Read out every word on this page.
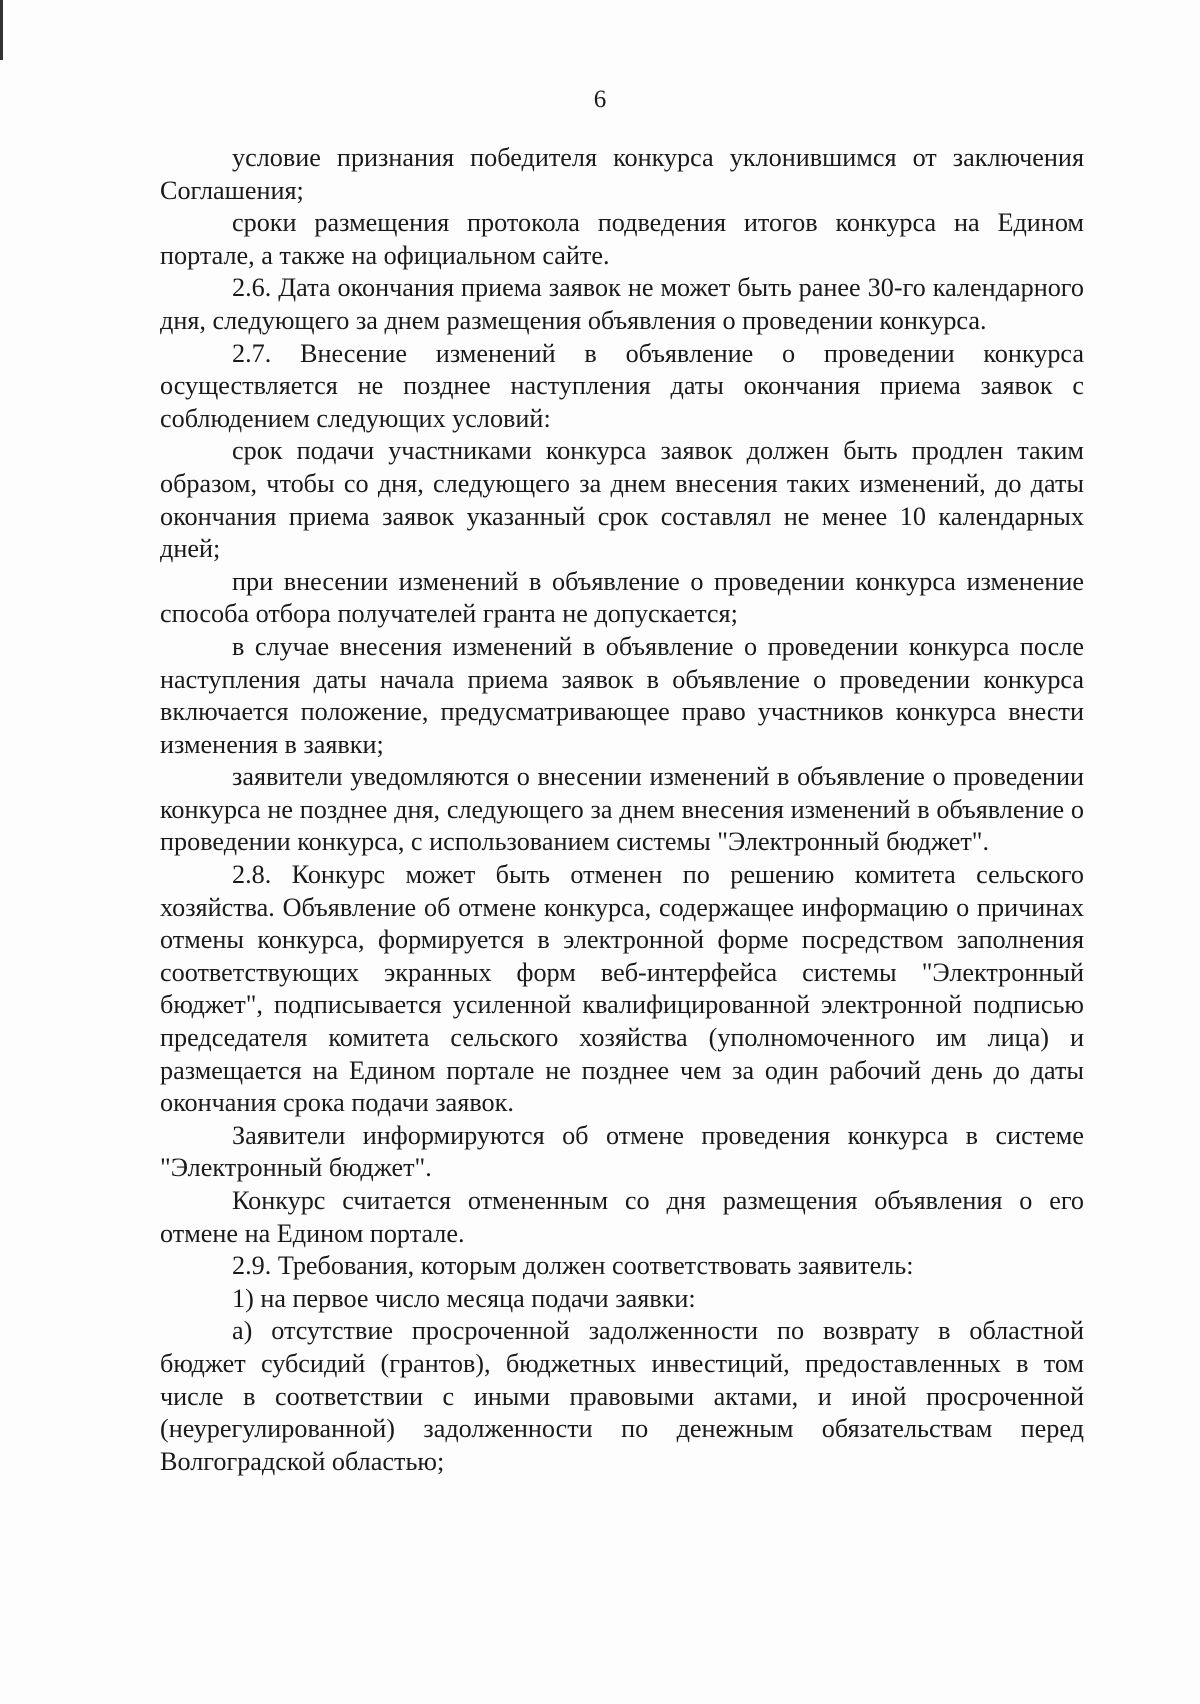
6

условие признания победителя конкурса уклонившимся от заключения Соглашения;

сроки размещения протокола подведения итогов конкурса на Едином портале, а также на официальном сайте.

2.6. Дата окончания приема заявок не может быть ранее 30-го календарного дня, следующего за днем размещения объявления о проведении конкурса.

2.7. Внесение изменений в объявление о проведении конкурса осуществляется не позднее наступления даты окончания приема заявок с соблюдением следующих условий:

срок подачи участниками конкурса заявок должен быть продлен таким образом, чтобы со дня, следующего за днем внесения таких изменений, до даты окончания приема заявок указанный срок составлял не менее 10 календарных дней;

при внесении изменений в объявление о проведении конкурса изменение способа отбора получателей гранта не допускается;

в случае внесения изменений в объявление о проведении конкурса после наступления даты начала приема заявок в объявление о проведении конкурса включается положение, предусматривающее право участников конкурса внести изменения в заявки;

заявители уведомляются о внесении изменений в объявление о проведении конкурса не позднее дня, следующего за днем внесения изменений в объявление о проведении конкурса, с использованием системы "Электронный бюджет".

2.8. Конкурс может быть отменен по решению комитета сельского хозяйства. Объявление об отмене конкурса, содержащее информацию о причинах отмены конкурса, формируется в электронной форме посредством заполнения соответствующих экранных форм веб-интерфейса системы "Электронный бюджет", подписывается усиленной квалифицированной электронной подписью председателя комитета сельского хозяйства (уполномоченного им лица) и размещается на Едином портале не позднее чем за один рабочий день до даты окончания срока подачи заявок.

Заявители информируются об отмене проведения конкурса в системе "Электронный бюджет".

Конкурс считается отмененным со дня размещения объявления о его отмене на Едином портале.

2.9. Требования, которым должен соответствовать заявитель:

1) на первое число месяца подачи заявки:

а) отсутствие просроченной задолженности по возврату в областной бюджет субсидий (грантов), бюджетных инвестиций, предоставленных в том числе в соответствии с иными правовыми актами, и иной просроченной (неурегулированной) задолженности по денежным обязательствам перед Волгоградской областью;
